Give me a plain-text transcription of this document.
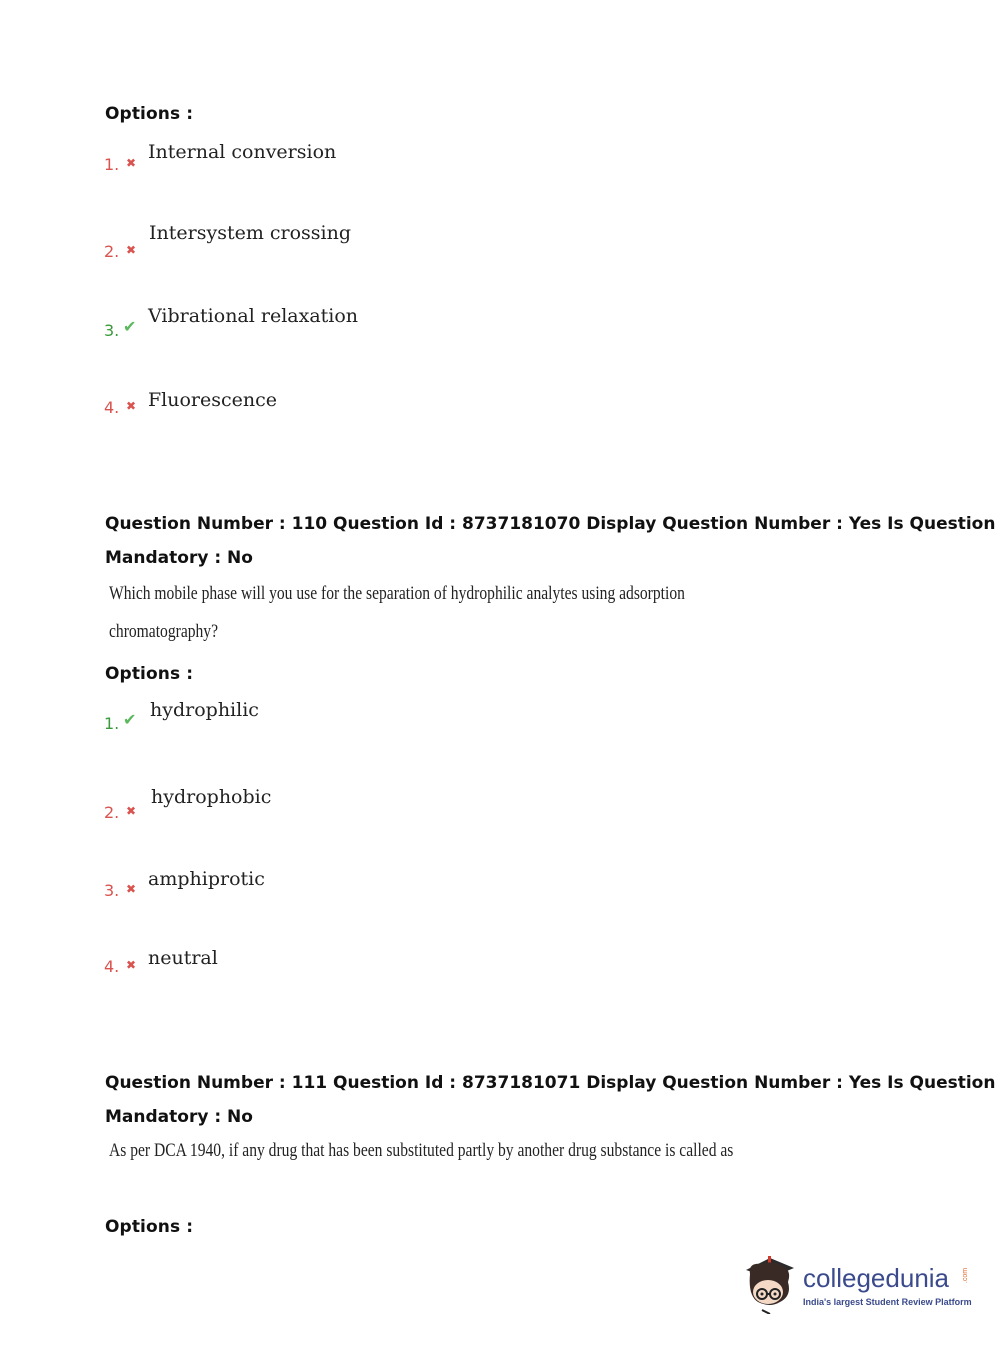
Options :
1. ✖ Internal conversion
2. ✖
Intersystem crossing
3. ✔ Vibrational relaxation
4. ✖ Fluorescence
Question Number : 110 Question Id : 8737181070 Display Question Number : Yes Is Question
Mandatory : No
Which mobile phase will you use for the separation of hydrophilic analytes using adsorption
chromatography?
Options :
1. ✔ hydrophilic
2. ✖
hydrophobic
3. ✖ amphiprotic
4. ✖ neutral
Question Number : 111 Question Id : 8737181071 Display Question Number : Yes Is Question
Mandatory : No
As per DCA 1940, if any drug that has been substituted partly by another drug substance is called as
Options :
collegedunia .com
India's largest Student Review Platform
